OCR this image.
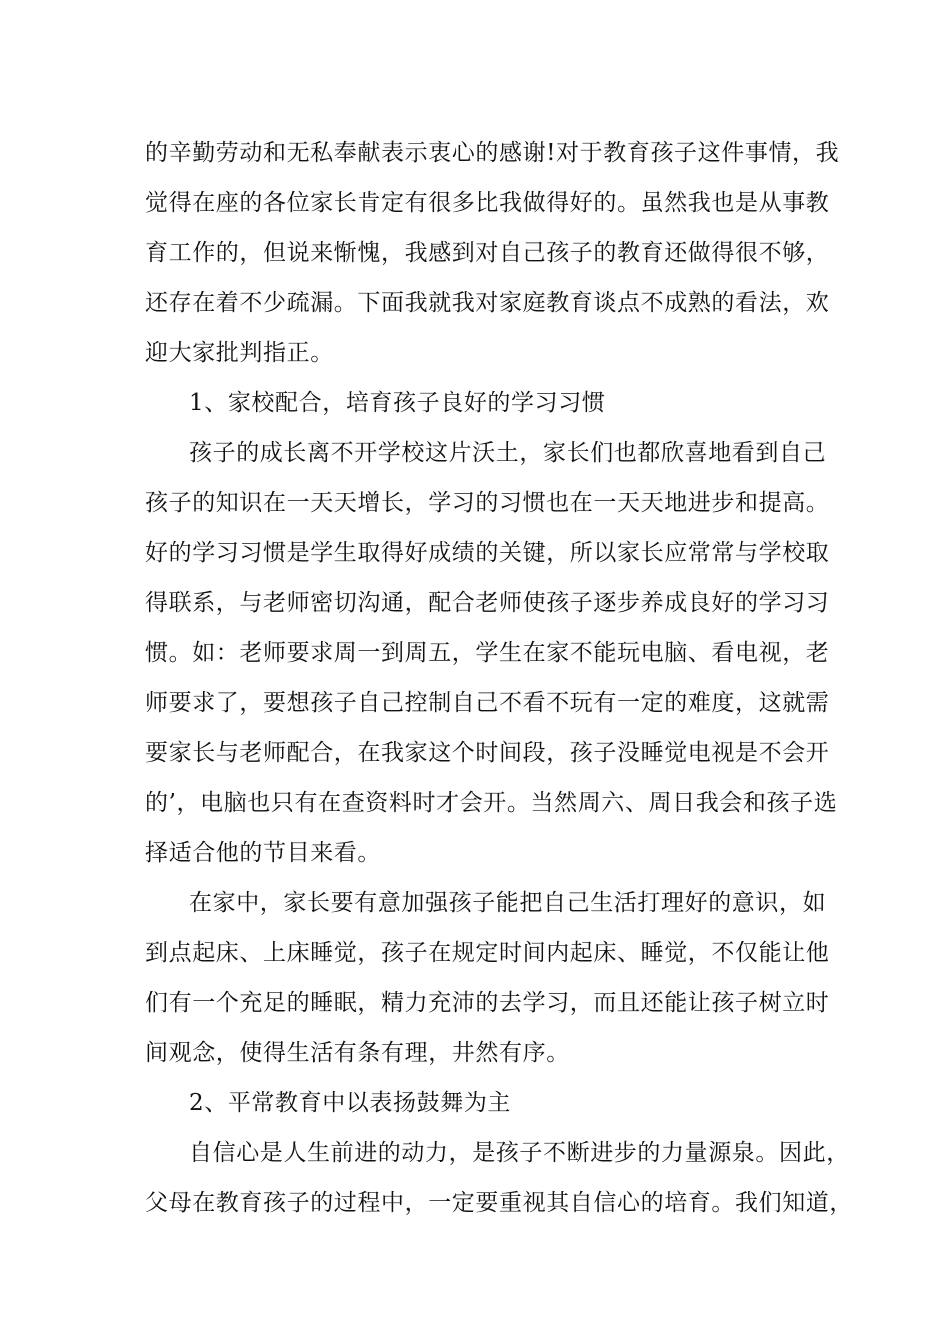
的辛勤劳动和无私奉献表示衷心的感谢!对于教育孩子这件事情，我
觉得在座的各位家长肯定有很多比我做得好的。虽然我也是从事教
育工作的，但说来惭愧，我感到对自己孩子的教育还做得很不够，
还存在着不少疏漏。下面我就我对家庭教育谈点不成熟的看法，欢
迎大家批判指正。
1、家校配合，培育孩子良好的学习习惯
孩子的成长离不开学校这片沃土，家长们也都欣喜地看到自己
孩子的知识在一天天增长，学习的习惯也在一天天地进步和提高。
好的学习习惯是学生取得好成绩的关键，所以家长应常常与学校取
得联系，与老师密切沟通，配合老师使孩子逐步养成良好的学习习
惯。如：老师要求周一到周五，学生在家不能玩电脑、看电视，老
师要求了，要想孩子自己控制自己不看不玩有一定的难度，这就需
要家长与老师配合，在我家这个时间段，孩子没睡觉电视是不会开
的’，电脑也只有在查资料时才会开。当然周六、周日我会和孩子选
择适合他的节目来看。
在家中，家长要有意加强孩子能把自己生活打理好的意识，如
到点起床、上床睡觉，孩子在规定时间内起床、睡觉，不仅能让他
们有一个充足的睡眠，精力充沛的去学习，而且还能让孩子树立时
间观念，使得生活有条有理，井然有序。
2、平常教育中以表扬鼓舞为主
自信心是人生前进的动力，是孩子不断进步的力量源泉。因此，
父母在教育孩子的过程中，一定要重视其自信心的培育。我们知道，
